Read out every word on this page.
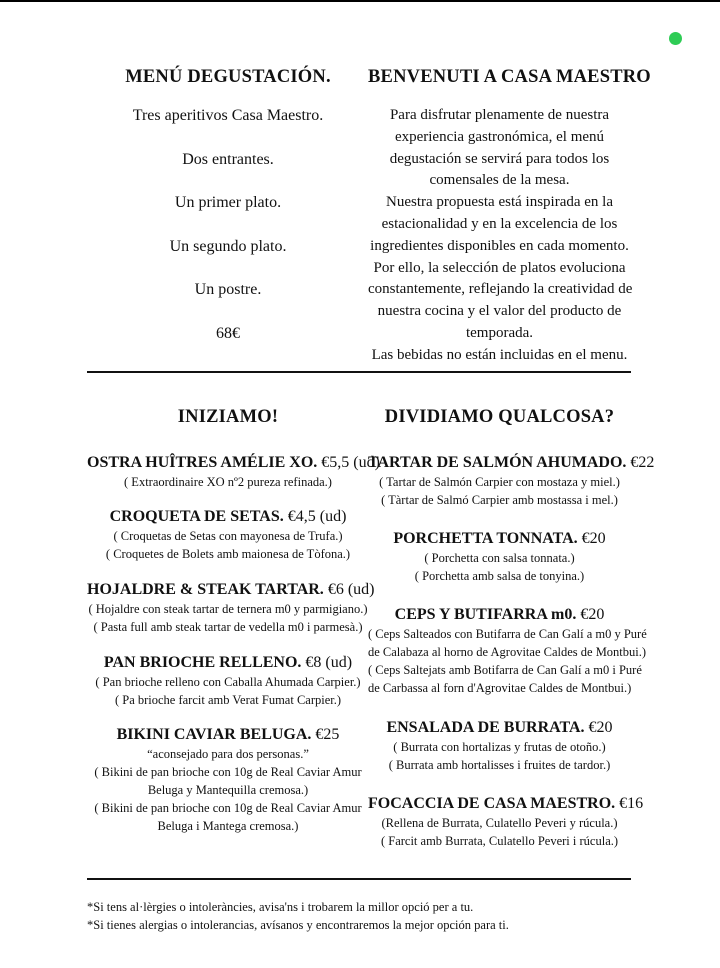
MENÚ DEGUSTACIÓN.
Tres aperitivos Casa Maestro.
Dos entrantes.
Un primer plato.
Un segundo plato.
Un postre.
68€
BENVENUTI A CASA MAESTRO

Para disfrutar plenamente de nuestra

experiencia gastronómica, el menú

degustación se servirá para todos los

comensales de la mesa.

Nuestra propuesta está inspirada en la

estacionalidad y en la excelencia de los

ingredientes disponibles en cada momento.

Por ello, la selección de platos evoluciona

constantemente, reflejando la creatividad de

nuestra cocina y el valor del producto de

temporada.

Las bebidas no están incluidas en el menu.

INIZIAMO!
OSTRA HUÎTRES AMÉLIE XO. €5,5 (ud)
( Extraordinaire XO nº2 pureza refinada.)
CROQUETA DE SETAS. €4,5 (ud)
( Croquetas de Setas con mayonesa de Trufa.)
( Croquetes de Bolets amb maionesa de Tòfona.)
HOJALDRE & STEAK TARTAR. €6 (ud)
( Hojaldre con steak tartar de ternera m0 y parmigiano.)
( Pasta full amb steak tartar de vedella m0 i parmesà.)
PAN BRIOCHE RELLENO. €8 (ud)
( Pan brioche relleno con Caballa Ahumada Carpier.)
( Pa brioche farcit amb Verat Fumat Carpier.)
BIKINI CAVIAR BELUGA. €25
“aconsejado para dos personas.”
( Bikini de pan brioche con 10g de Real Caviar Amur
Beluga y Mantequilla cremosa.)
( Bikini de pan brioche con 10g de Real Caviar Amur
Beluga i Mantega cremosa.)
DIVIDIAMO QUALCOSA?
TARTAR DE SALMÓN AHUMADO. €22
( Tartar de Salmón Carpier con mostaza y miel.)
( Tàrtar de Salmó Carpier amb mostassa i mel.)
PORCHETTA TONNATA. €20
( Porchetta con salsa tonnata.)
( Porchetta amb salsa de tonyina.)
CEPS Y BUTIFARRA m0. €20
( Ceps Salteados con Butifarra de Can Galí a m0 y Puré
de Calabaza al horno de Agrovitae Caldes de Montbui.)
( Ceps Saltejats amb Botifarra de Can Galí a m0 i Puré
de Carbassa al forn d'Agrovitae Caldes de Montbui.)
ENSALADA DE BURRATA. €20
( Burrata con hortalizas y frutas de otoño.)
( Burrata amb hortalisses i fruites de tardor.)
FOCACCIA DE CASA MAESTRO. €16
(Rellena de Burrata, Culatello Peveri y rúcula.)
( Farcit amb Burrata, Culatello Peveri i rúcula.)
*Si tens al·lèrgies o intoleràncies, avisa'ns i trobarem la millor opció per a tu.
*Si tienes alergias o intolerancias, avísanos y encontraremos la mejor opción para ti.
